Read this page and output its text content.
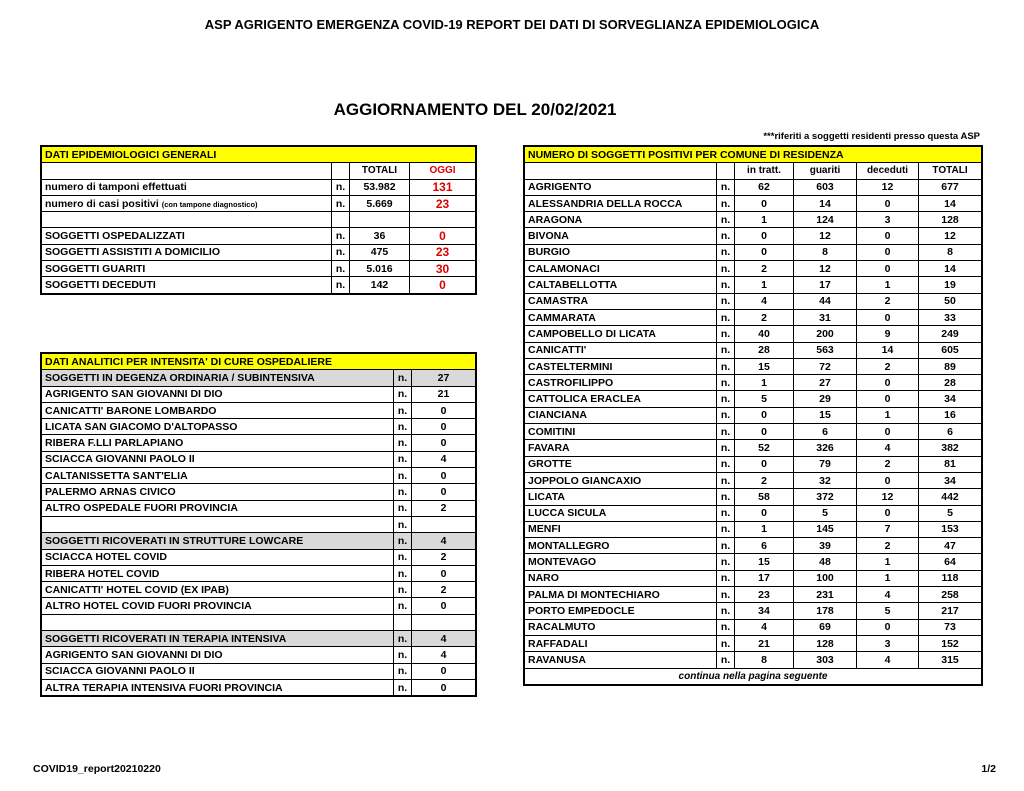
ASP AGRIGENTO EMERGENZA COVID-19 REPORT DEI DATI DI SORVEGLIANZA EPIDEMIOLOGICA
AGGIORNAMENTO DEL 20/02/2021
***riferiti a soggetti residenti presso questa ASP
DATI EPIDEMIOLOGICI GENERALI			
		TOTALI	OGGI
numero di tamponi effettuati	n.	53.982	131
numero di casi positivi (con tampone diagnostico)	n.	5.669	23

SOGGETTI OSPEDALIZZATI	n.	36	0
SOGGETTI ASSISTITI A DOMICILIO	n.	475	23
SOGGETTI GUARITI	n.	5.016	30
SOGGETTI DECEDUTI	n.	142	0
DATI ANALITICI PER INTENSITA' DI CURE OSPEDALIERE		
SOGGETTI IN DEGENZA ORDINARIA / SUBINTENSIVA	n.	27
AGRIGENTO SAN GIOVANNI DI DIO	n.	21
CANICATTI' BARONE LOMBARDO	n.	0
LICATA SAN GIACOMO D'ALTOPASSO	n.	0
RIBERA F.LLI PARLAPIANO	n.	0
SCIACCA GIOVANNI PAOLO II	n.	4
CALTANISSETTA SANT'ELIA	n.	0
PALERMO ARNAS CIVICO	n.	0
ALTRO OSPEDALE FUORI PROVINCIA	n.	2
	n.	
SOGGETTI RICOVERATI IN STRUTTURE LOWCARE	n.	4
SCIACCA HOTEL COVID	n.	2
RIBERA HOTEL COVID	n.	0
CANICATTI' HOTEL COVID (EX IPAB)	n.	2
ALTRO HOTEL COVID FUORI PROVINCIA	n.	0

SOGGETTI RICOVERATI IN TERAPIA INTENSIVA	n.	4
AGRIGENTO SAN GIOVANNI DI DIO	n.	4
SCIACCA GIOVANNI PAOLO II	n.	0
ALTRA TERAPIA INTENSIVA FUORI PROVINCIA	n.	0
NUMERO DI SOGGETTI POSITIVI PER COMUNE DI RESIDENZA					
		in tratt.	guariti	deceduti	TOTALI
AGRIGENTO	n.	62	603	12	677
ALESSANDRIA DELLA ROCCA	n.	0	14	0	14
ARAGONA	n.	1	124	3	128
BIVONA	n.	0	12	0	12
BURGIO	n.	0	8	0	8
CALAMONACI	n.	2	12	0	14
CALTABELLOTTA	n.	1	17	1	19
CAMASTRA	n.	4	44	2	50
CAMMARATA	n.	2	31	0	33
CAMPOBELLO DI LICATA	n.	40	200	9	249
CANICATTI'	n.	28	563	14	605
CASTELTERMINI	n.	15	72	2	89
CASTROFILIPPO	n.	1	27	0	28
CATTOLICA ERACLEA	n.	5	29	0	34
CIANCIANA	n.	0	15	1	16
COMITINI	n.	0	6	0	6
FAVARA	n.	52	326	4	382
GROTTE	n.	0	79	2	81
JOPPOLO GIANCAXIO	n.	2	32	0	34
LICATA	n.	58	372	12	442
LUCCA SICULA	n.	0	5	0	5
MENFI	n.	1	145	7	153
MONTALLEGRO	n.	6	39	2	47
MONTEVAGO	n.	15	48	1	64
NARO	n.	17	100	1	118
PALMA DI MONTECHIARO	n.	23	231	4	258
PORTO EMPEDOCLE	n.	34	178	5	217
RACALMUTO	n.	4	69	0	73
RAFFADALI	n.	21	128	3	152
RAVANUSA	n.	8	303	4	315
continua nella pagina seguente					
COVID19_report20210220	1/2
